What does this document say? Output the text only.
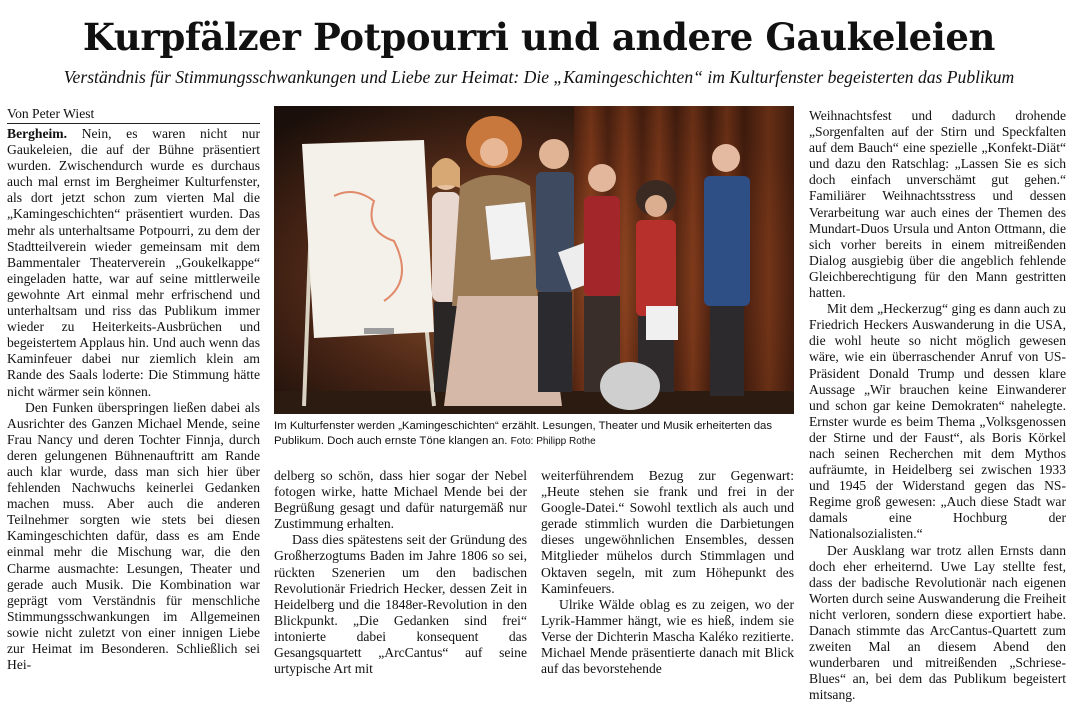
Kurpfälzer Potpourri und andere Gaukeleien
Verständnis für Stimmungsschwankungen und Liebe zur Heimat: Die „Kamingeschichten“ im Kulturfenster begeisterten das Publikum
Von Peter Wiest

Bergheim. Nein, es waren nicht nur Gaukeleien, die auf der Bühne präsentiert wurden. Zwischendurch wurde es durchaus auch mal ernst im Bergheimer Kulturfenster, als dort jetzt schon zum vierten Mal die „Kamingeschichten“ präsentiert wurden. Das mehr als unterhaltsame Potpourri, zu dem der Stadtteilverein wieder gemeinsam mit dem Bammentaler Theaterverein „Goukelkappe“ eingeladen hatte, war auf seine mittlerweile gewohnte Art einmal mehr erfrischend und unterhaltsam und riss das Publikum immer wieder zu Heiterkeits-Ausbrüchen und begeistertem Applaus hin. Und auch wenn das Kaminfeuer dabei nur ziemlich klein am Rande des Saals loderte: Die Stimmung hätte nicht wärmer sein können.

Den Funken überspringen ließen dabei als Ausrichter des Ganzen Michael Mende, seine Frau Nancy und deren Tochter Finnja, durch deren gelungenen Bühnenauftritt am Rande auch klar wurde, dass man sich hier über fehlenden Nachwuchs keinerlei Gedanken machen muss. Aber auch die anderen Teilnehmer sorgten wie stets bei diesen Kamingeschichten dafür, dass es am Ende einmal mehr die Mischung war, die den Charme ausmachte: Lesungen, Theater und gerade auch Musik. Die Kombination war geprägt vom Verständnis für menschliche Stimmungsschwankungen im Allgemeinen sowie nicht zuletzt von einer innigen Liebe zur Heimat im Besonderen. Schließlich sei Hei-

Im Kulturfenster werden „Kamingeschichten“ erzählt. Lesungen, Theater und Musik erheiterten das Publikum. Doch auch ernste Töne klangen an. Foto: Philipp Rothe

delberg so schön, dass hier sogar der Nebel fotogen wirke, hatte Michael Mende bei der Begrüßung gesagt und dafür naturgemäß nur Zustimmung erhalten.

Dass dies spätestens seit der Gründung des Großherzogtums Baden im Jahre 1806 so sei, rückten Szenerien um den badischen Revolutionär Friedrich Hecker, dessen Zeit in Heidelberg und die 1848er-Revolution in den Blickpunkt. „Die Gedanken sind frei“ intonierte dabei konsequent das Gesangsquartett „ArcCantus“ auf seine urtypische Art mit

weiterführendem Bezug zur Gegenwart: „Heute stehen sie frank und frei in der Google-Datei.“ Sowohl textlich als auch und gerade stimmlich wurden die Darbietungen dieses ungewöhnlichen Ensembles, dessen Mitglieder mühelos durch Stimmlagen und Oktaven segeln, mit zum Höhepunkt des Kaminfeuers.

Ulrike Wälde oblag es zu zeigen, wo der Lyrik-Hammer hängt, wie es hieß, indem sie Verse der Dichterin Mascha Kaléko rezitierte. Michael Mende präsentierte danach mit Blick auf das bevorstehende

Weihnachtsfest und dadurch drohende „Sorgenfalten auf der Stirn und Speckfalten auf dem Bauch“ eine spezielle „Konfekt-Diät“ und dazu den Ratschlag: „Lassen Sie es sich doch einfach unverschämt gut gehen.“ Familiärer Weihnachtsstress und dessen Verarbeitung war auch eines der Themen des Mundart-Duos Ursula und Anton Ottmann, die sich vorher bereits in einem mitreißenden Dialog ausgiebig über die angeblich fehlende Gleichberechtigung für den Mann gestritten hatten.

Mit dem „Heckerzug“ ging es dann auch zu Friedrich Heckers Auswanderung in die USA, die wohl heute so nicht möglich gewesen wäre, wie ein überraschender Anruf von US-Präsident Donald Trump und dessen klare Aussage „Wir brauchen keine Einwanderer und schon gar keine Demokraten“ nahelegte. Ernster wurde es beim Thema „Volksgenossen der Stirne und der Faust“, als Boris Körkel nach seinen Recherchen mit dem Mythos aufräumte, in Heidelberg sei zwischen 1933 und 1945 der Widerstand gegen das NS-Regime groß gewesen: „Auch diese Stadt war damals eine Hochburg der Nationalsozialisten.“

Der Ausklang war trotz allen Ernsts dann doch eher erheiternd. Uwe Lay stellte fest, dass der badische Revolutionär nach eigenen Worten durch seine Auswanderung die Freiheit nicht verloren, sondern diese exportiert habe. Danach stimmte das ArcCantus-Quartett zum zweiten Mal an diesem Abend den wunderbaren und mitreißenden „Schriese-Blues“ an, bei dem das Publikum begeistert mitsang.
